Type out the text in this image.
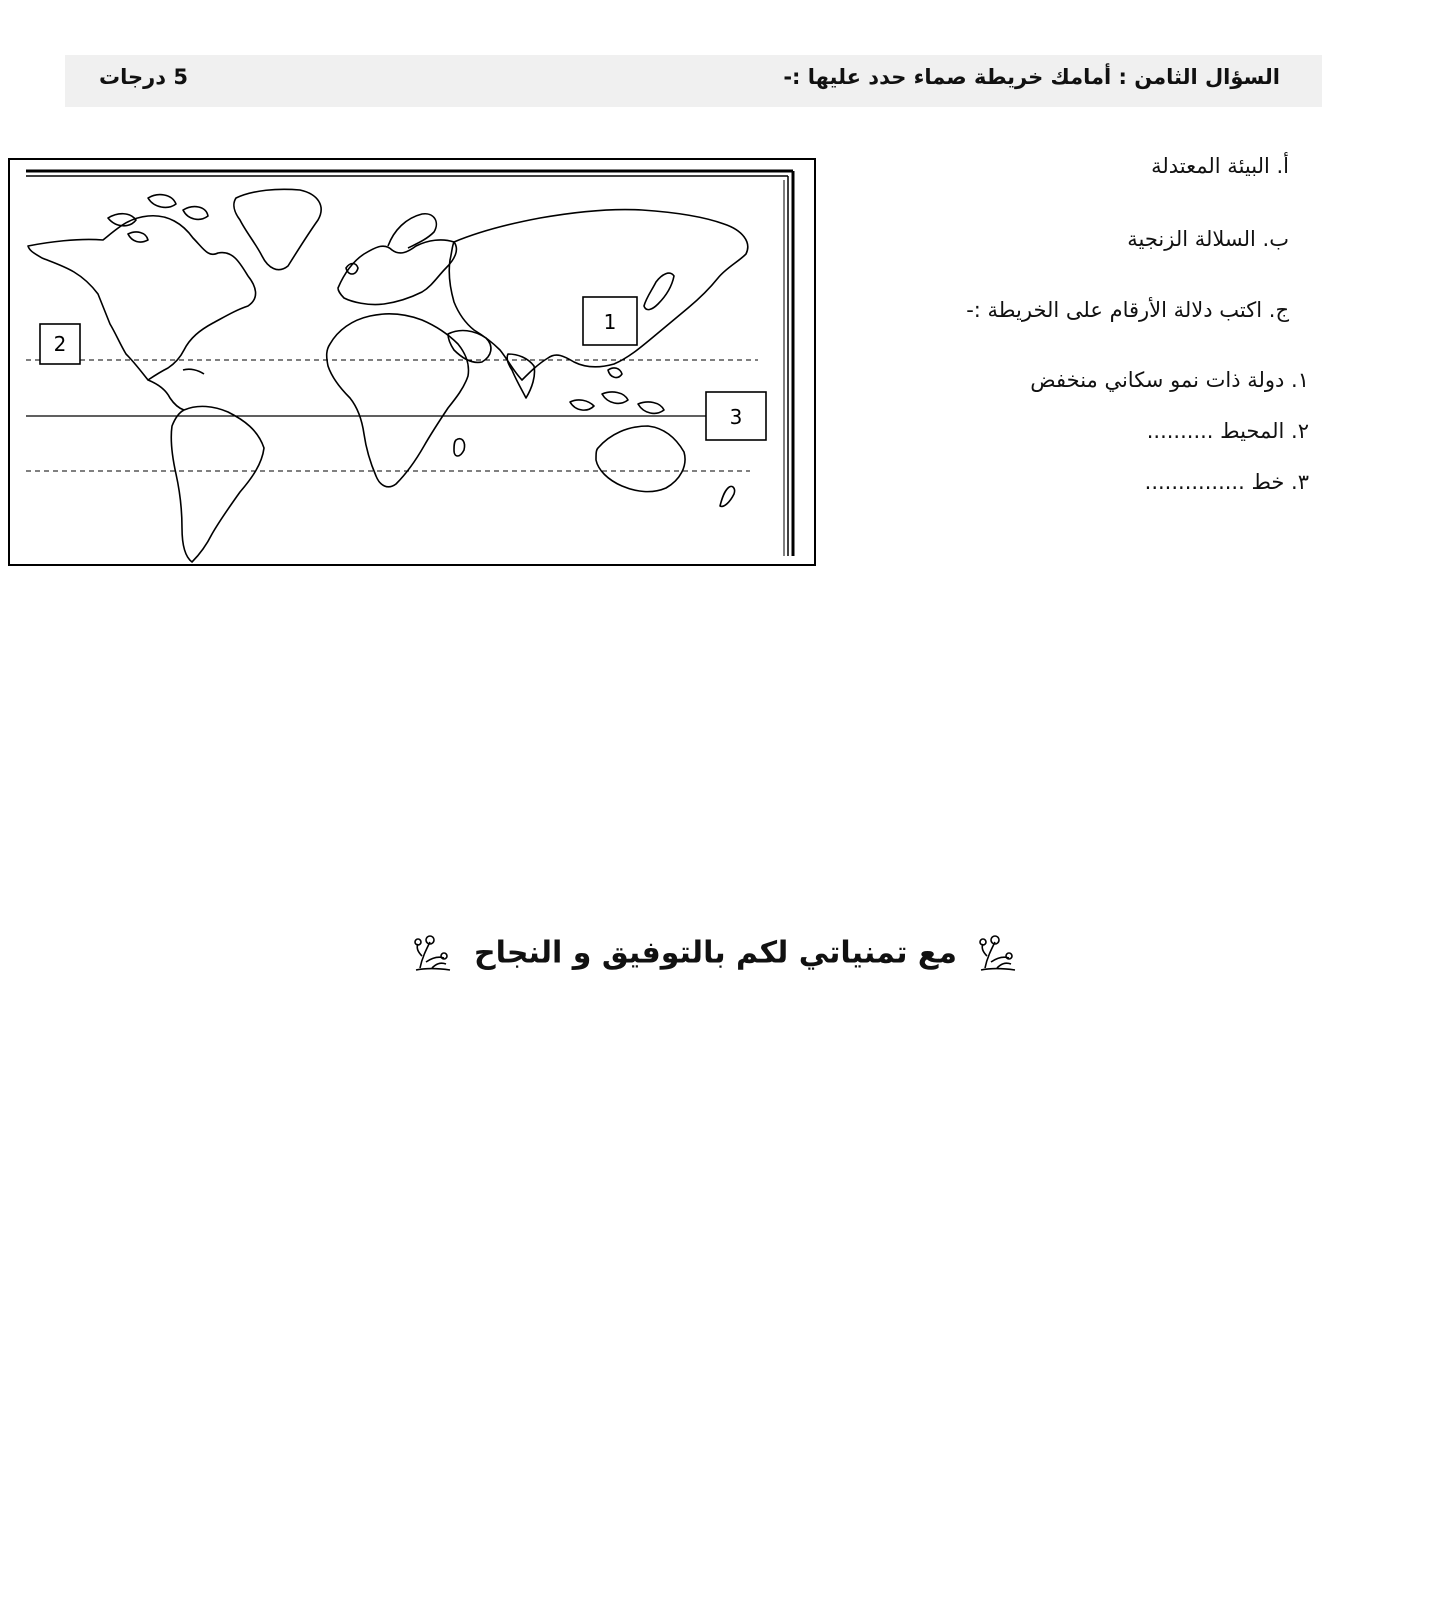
السؤال الثامن : أمامك خريطة صماء حدد عليها :-
5 درجات
1
2
3
أ. البيئة المعتدلة
ب. السلالة الزنجية
ج. اكتب دلالة الأرقام على الخريطة :-
١. دولة ذات نمو سكاني منخفض
٢. المحيط ..........
٣. خط ...............
مع تمنياتي لكم بالتوفيق و النجاح
